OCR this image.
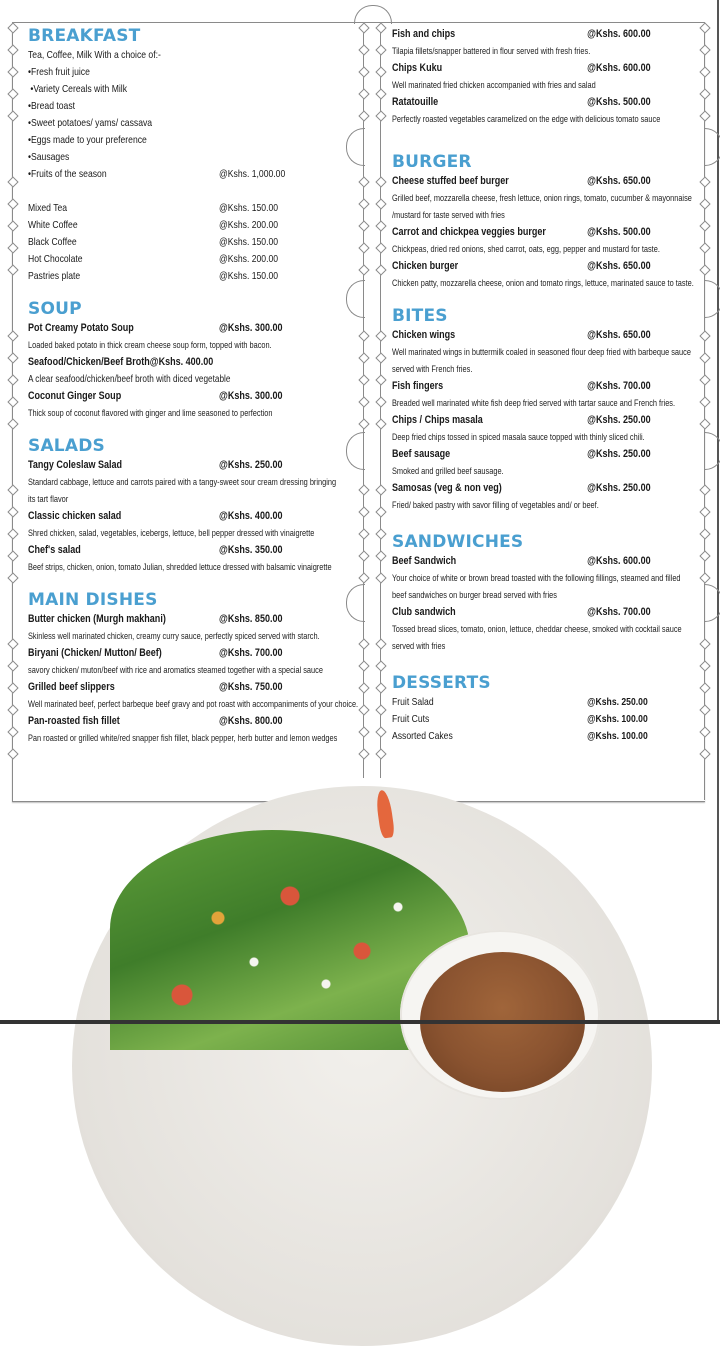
BREAKFAST
Tea, Coffee, Milk With a choice of:-
•Fresh fruit juice
•Variety Cereals with Milk
•Bread toast
•Sweet potatoes/ yams/ cassava
•Eggs made to your preference
•Sausages
•Fruits of the season	@Kshs. 1,000.00
Mixed Tea	@Kshs. 150.00
White Coffee	@Kshs. 200.00
Black Coffee	@Kshs. 150.00
Hot Chocolate	@Kshs. 200.00
Pastries plate	@Kshs. 150.00
SOUP
Pot Creamy Potato Soup	@Kshs. 300.00
Loaded baked potato in thick cream cheese soup form, topped with bacon.
Seafood/Chicken/Beef Broth@Kshs. 400.00
A clear seafood/chicken/beef broth with diced vegetable
Coconut Ginger Soup	@Kshs. 300.00
Thick soup of coconut flavored with ginger and lime seasoned to perfection
SALADS
Tangy Coleslaw Salad	@Kshs. 250.00
Standard cabbage, lettuce and carrots paired with a tangy-sweet sour cream dressing bringing
its tart flavor
Classic chicken salad	@Kshs. 400.00
Shred chicken, salad, vegetables, icebergs, lettuce, bell pepper dressed with vinaigrette
Chef's salad	@Kshs. 350.00
Beef strips, chicken, onion, tomato Julian, shredded lettuce dressed with balsamic vinaigrette
MAIN DISHES
Butter chicken (Murgh makhani)	@Kshs. 850.00
Skinless well marinated chicken, creamy curry sauce, perfectly spiced served with starch.
Biryani (Chicken/ Mutton/ Beef)	@Kshs. 700.00
savory chicken/ muton/beef with rice and aromatics steamed together with a special sauce
Grilled beef slippers	@Kshs. 750.00
Well marinated beef, perfect barbeque beef gravy and pot roast with accompaniments of your choice.
Pan-roasted fish fillet	@Kshs. 800.00
Pan roasted or grilled white/red snapper fish fillet, black pepper, herb butter and lemon wedges
Fish and chips	@Kshs. 600.00
Tilapia fillets/snapper battered in flour served with fresh fries.
Chips Kuku	@Kshs. 600.00
Well marinated fried chicken accompanied with fries and salad
Ratatouille	@Kshs. 500.00
Perfectly roasted vegetables caramelized on the edge with delicious tomato sauce
BURGER
Cheese stuffed beef burger	@Kshs. 650.00
Grilled beef, mozzarella cheese, fresh lettuce, onion rings, tomato, cucumber & mayonnaise
/mustard for taste served with fries
Carrot and chickpea veggies burger	@Kshs. 500.00
Chickpeas, dried red onions, shed carrot, oats, egg, pepper and mustard for taste.
Chicken burger	@Kshs. 650.00
Chicken patty, mozzarella cheese, onion and tomato rings, lettuce, marinated sauce to taste.
BITES
Chicken wings	@Kshs. 650.00
Well marinated wings in buttermilk coaled in seasoned flour deep fried with barbeque sauce
served with French fries.
Fish fingers	@Kshs. 700.00
Breaded well marinated white fish deep fried served with tartar sauce and French fries.
Chips / Chips masala	@Kshs. 250.00
Deep fried chips tossed in spiced masala sauce topped with thinly sliced chili.
Beef sausage	@Kshs. 250.00
Smoked and grilled beef sausage.
Samosas (veg & non veg)	@Kshs. 250.00
Fried/ baked pastry with savor filling of vegetables and/ or beef.
SANDWICHES
Beef Sandwich	@Kshs. 600.00
Your choice of white or brown bread toasted with the following fillings, steamed and filled
beef sandwiches on burger bread served with fries
Club sandwich	@Kshs. 700.00
Tossed bread slices, tomato, onion, lettuce, cheddar cheese, smoked with cocktail sauce
served with fries
DESSERTS
Fruit Salad	@Kshs. 250.00
Fruit Cuts	@Kshs. 100.00
Assorted Cakes	@Kshs. 100.00
